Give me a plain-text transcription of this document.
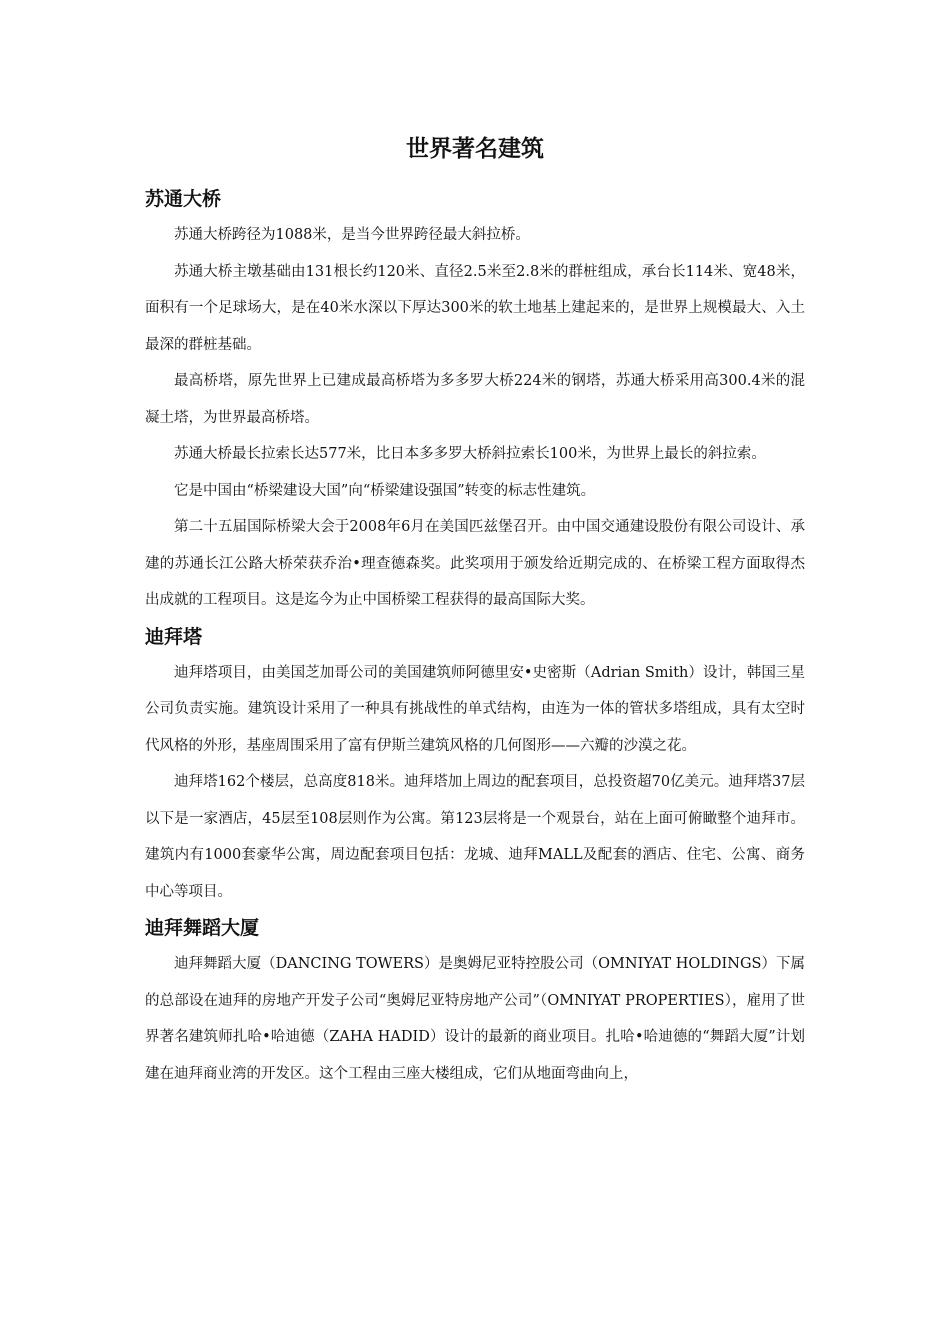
世界著名建筑
苏通大桥

苏通大桥跨径为1088米，是当今世界跨径最大斜拉桥。

苏通大桥主墩基础由131根长约120米、直径2.5米至2.8米的群桩组成，承台长114米、宽48米，面积有一个足球场大，是在40米水深以下厚达300米的软土地基上建起来的，是世界上规模最大、入土最深的群桩基础。

最高桥塔，原先世界上已建成最高桥塔为多多罗大桥224米的钢塔，苏通大桥采用高300.4米的混凝土塔，为世界最高桥塔。

苏通大桥最长拉索长达577米，比日本多多罗大桥斜拉索长100米，为世界上最长的斜拉索。

它是中国由“桥梁建设大国”向“桥梁建设强国”转变的标志性建筑。

第二十五届国际桥梁大会于2008年6月在美国匹兹堡召开。由中国交通建设股份有限公司设计、承建的苏通长江公路大桥荣获乔治•理查德森奖。此奖项用于颁发给近期完成的、在桥梁工程方面取得杰出成就的工程项目。这是迄今为止中国桥梁工程获得的最高国际大奖。

迪拜塔

迪拜塔项目，由美国芝加哥公司的美国建筑师阿德里安•史密斯（Adrian Smith）设计，韩国三星公司负责实施。建筑设计采用了一种具有挑战性的单式结构，由连为一体的管状多塔组成，具有太空时代风格的外形，基座周围采用了富有伊斯兰建筑风格的几何图形——六瓣的沙漠之花。

迪拜塔162个楼层，总高度818米。迪拜塔加上周边的配套项目，总投资超70亿美元。迪拜塔37层以下是一家酒店，45层至108层则作为公寓。第123层将是一个观景台，站在上面可俯瞰整个迪拜市。建筑内有1000套豪华公寓，周边配套项目包括：龙城、迪拜MALL及配套的酒店、住宅、公寓、商务中心等项目。

迪拜舞蹈大厦

迪拜舞蹈大厦（DANCING TOWERS）是奥姆尼亚特控股公司（OMNIYAT HOLDINGS）下属的总部设在迪拜的房地产开发子公司“奥姆尼亚特房地产公司”（OMNIYAT PROPERTIES），雇用了世界著名建筑师扎哈•哈迪德（ZAHA HADID）设计的最新的商业项目。扎哈•哈迪德的“舞蹈大厦”计划建在迪拜商业湾的开发区。这个工程由三座大楼组成，它们从地面弯曲向上，
